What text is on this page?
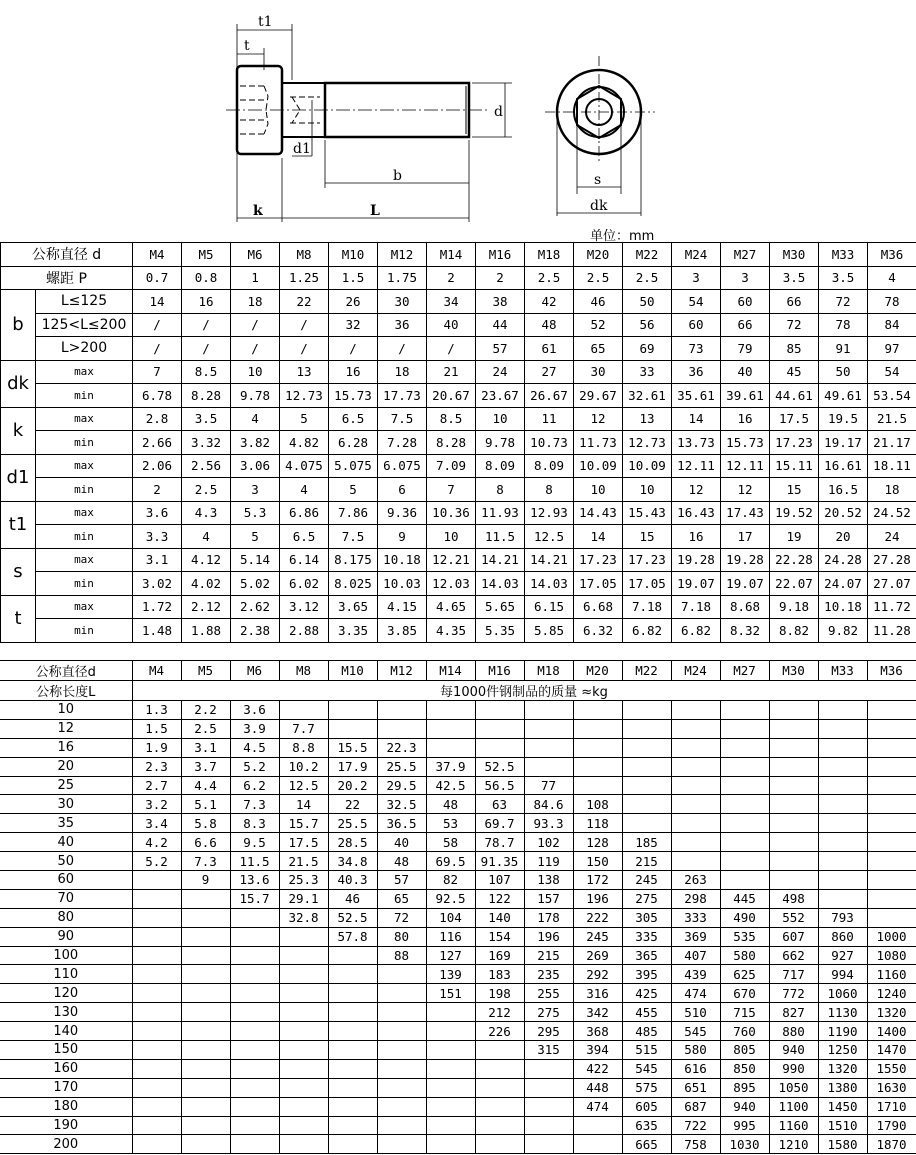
t1
t
d
d1
b
k	L
s
dk
单位：mm
公称直径 d		M4	M5	M6	M8	M10	M12	M14	M16	M18	M20	M22	M24	M27	M30	M33	M36
螺距 P		0.7	0.8	1	1.25	1.5	1.75	2	2	2.5	2.5	2.5	3	3	3.5	3.5	4
b	L≤125	14	16	18	22	26	30	34	38	42	46	50	54	60	66	72	78
	125<L≤200	/	/	/	/	32	36	40	44	48	52	56	60	66	72	78	84
	L>200	/	/	/	/	/	/	/	57	61	65	69	73	79	85	91	97
dk	max	7	8.5	10	13	16	18	21	24	27	30	33	36	40	45	50	54
	min	6.78	8.28	9.78	12.73	15.73	17.73	20.67	23.67	26.67	29.67	32.61	35.61	39.61	44.61	49.61	53.54
k	max	2.8	3.5	4	5	6.5	7.5	8.5	10	11	12	13	14	16	17.5	19.5	21.5
	min	2.66	3.32	3.82	4.82	6.28	7.28	8.28	9.78	10.73	11.73	12.73	13.73	15.73	17.23	19.17	21.17
d1	max	2.06	2.56	3.06	4.075	5.075	6.075	7.09	8.09	8.09	10.09	10.09	12.11	12.11	15.11	16.61	18.11
	min	2	2.5	3	4	5	6	7	8	8	10	10	12	12	15	16.5	18
t1	max	3.6	4.3	5.3	6.86	7.86	9.36	10.36	11.93	12.93	14.43	15.43	16.43	17.43	19.52	20.52	24.52
	min	3.3	4	5	6.5	7.5	9	10	11.5	12.5	14	15	16	17	19	20	24
s	max	3.1	4.12	5.14	6.14	8.175	10.18	12.21	14.21	14.21	17.23	17.23	19.28	19.28	22.28	24.28	27.28
	min	3.02	4.02	5.02	6.02	8.025	10.03	12.03	14.03	14.03	17.05	17.05	19.07	19.07	22.07	24.07	27.07
t	max	1.72	2.12	2.62	3.12	3.65	4.15	4.65	5.65	6.15	6.68	7.18	7.18	8.68	9.18	10.18	11.72
	min	1.48	1.88	2.38	2.88	3.35	3.85	4.35	5.35	5.85	6.32	6.82	6.82	8.32	8.82	9.82	11.28
公称直径d	M4	M5	M6	M8	M10	M12	M14	M16	M18	M20	M22	M24	M27	M30	M33	M36
公称长度L	每1000件钢制品的质量 ≈kg															
10	1.3	2.2	3.6													
12	1.5	2.5	3.9	7.7												
16	1.9	3.1	4.5	8.8	15.5	22.3										
20	2.3	3.7	5.2	10.2	17.9	25.5	37.9	52.5								
25	2.7	4.4	6.2	12.5	20.2	29.5	42.5	56.5	77							
30	3.2	5.1	7.3	14	22	32.5	48	63	84.6	108						
35	3.4	5.8	8.3	15.7	25.5	36.5	53	69.7	93.3	118						
40	4.2	6.6	9.5	17.5	28.5	40	58	78.7	102	128	185					
50	5.2	7.3	11.5	21.5	34.8	48	69.5	91.35	119	150	215					
60		9	13.6	25.3	40.3	57	82	107	138	172	245	263				
70			15.7	29.1	46	65	92.5	122	157	196	275	298	445	498		
80				32.8	52.5	72	104	140	178	222	305	333	490	552	793	
90					57.8	80	116	154	196	245	335	369	535	607	860	1000
100						88	127	169	215	269	365	407	580	662	927	1080
110							139	183	235	292	395	439	625	717	994	1160
120							151	198	255	316	425	474	670	772	1060	1240
130								212	275	342	455	510	715	827	1130	1320
140								226	295	368	485	545	760	880	1190	1400
150									315	394	515	580	805	940	1250	1470
160										422	545	616	850	990	1320	1550
170										448	575	651	895	1050	1380	1630
180										474	605	687	940	1100	1450	1710
190											635	722	995	1160	1510	1790
200											665	758	1030	1210	1580	1870
